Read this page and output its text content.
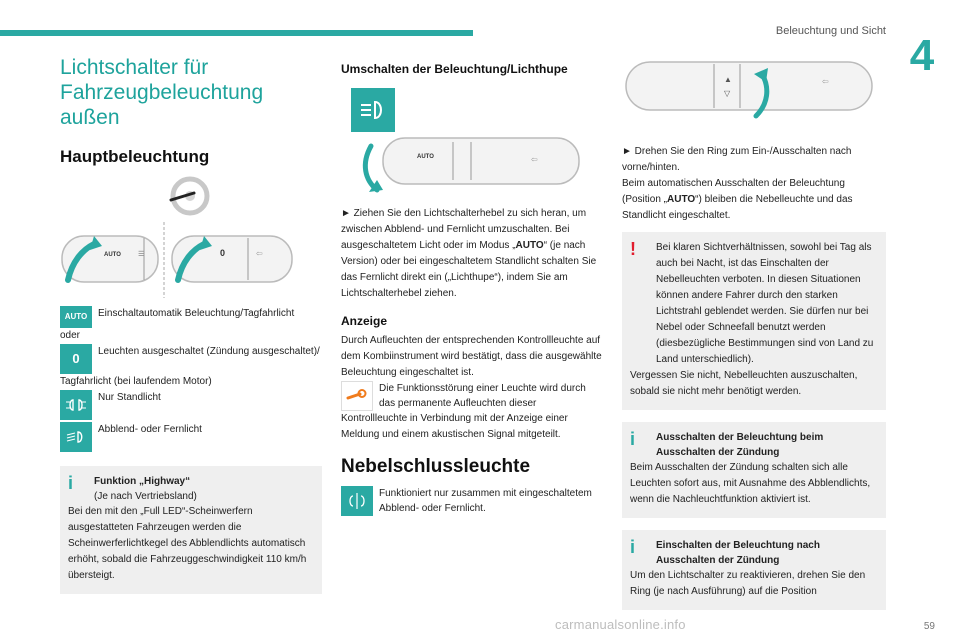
Beleuchtung und Sicht 4
Lichtschalter für
Fahrzeugbeleuchtung außen
Hauptbeleuchtung
AUTO ☰	0	⇦
AUTO	Einschaltautomatik Beleuchtung/Tagfahrlicht

oder

0	Leuchten ausgeschaltet (Zündung ausgeschaltet)/

Tagfahrlicht (bei laufendem Motor)

Nur Standlicht
Abblend- oder Fernlicht
i	Funktion „Highway“
(Je nach Vertriebsland)

Bei den mit den „Full LED“-Scheinwerfern ausgestatteten Fahrzeugen werden die Scheinwerferlichtkegel des Abblendlichts automatisch erhöht, sobald die Fahrzeuggeschwindigkeit 110 km/h übersteigt.

Umschalten der Beleuchtung/Lichthupe
AUTO	⇦

► Ziehen Sie den Lichtschalterhebel zu sich heran, um zwischen Abblend- und Fernlicht umzuschalten. Bei ausgeschaltetem Licht oder im Modus „AUTO“ (je nach Version) oder bei eingeschaltetem Standlicht schalten Sie das Fernlicht direkt ein („Lichthupe“), indem Sie am Lichtschalterhebel ziehen.

Anzeige

Durch Aufleuchten der entsprechenden Kontrollleuchte auf dem Kombiinstrument wird bestätigt, dass die ausgewählte Beleuchtung eingeschaltet ist.

Die Funktionsstörung einer Leuchte wird durch das permanente Aufleuchten dieser

Kontrollleuchte in Verbindung mit der Anzeige einer Meldung und einem akustischen Signal mitgeteilt.

Nebelschlussleuchte
Funktioniert nur zusammen mit eingeschaltetem Abblend- oder Fernlicht.
▲
▽
⇦

► Drehen Sie den Ring zum Ein-/Ausschalten nach vorne/hinten.

Beim automatischen Ausschalten der Beleuchtung (Position „AUTO“) bleiben die Nebelleuchte und das Standlicht eingeschaltet.

!	Bei klaren Sichtverhältnissen, sowohl bei Tag als auch bei Nacht, ist das Einschalten der Nebelleuchten verboten. In diesen Situationen können andere Fahrer durch den starken Lichtstrahl geblendet werden. Sie dürfen nur bei Nebel oder Schneefall benutzt werden (diesbezügliche Bestimmungen sind von Land zu Land unterschiedlich).

Vergessen Sie nicht, Nebelleuchten auszuschalten, sobald sie nicht mehr benötigt werden.

i	Ausschalten der Beleuchtung beim Ausschalten der Zündung

Beim Ausschalten der Zündung schalten sich alle Leuchten sofort aus, mit Ausnahme des Abblendlichts, wenn die Nachleuchtfunktion aktiviert ist.

i	Einschalten der Beleuchtung nach Ausschalten der Zündung

Um den Lichtschalter zu reaktivieren, drehen Sie den Ring (je nach Ausführung) auf die Position

carmanualsonline.info	59
